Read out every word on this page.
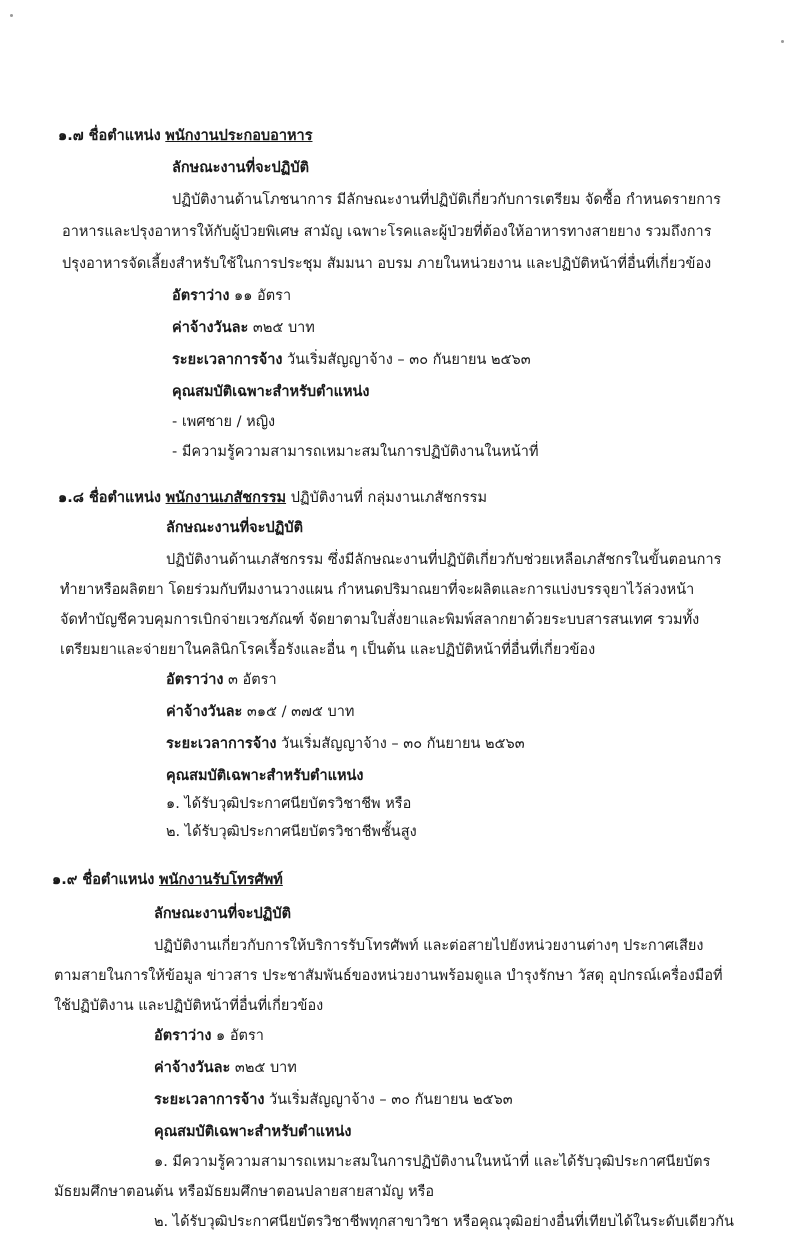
๑.๗ ชื่อตำแหน่ง พนักงานประกอบอาหาร
ลักษณะงานที่จะปฏิบัติ
ปฏิบัติงานด้านโภชนาการ มีลักษณะงานที่ปฏิบัติเกี่ยวกับการเตรียม จัดซื้อ กำหนดรายการ
อาหารและปรุงอาหารให้กับผู้ป่วยพิเศษ สามัญ เฉพาะโรคและผู้ป่วยที่ต้องให้อาหารทางสายยาง รวมถึงการ
ปรุงอาหารจัดเลี้ยงสำหรับใช้ในการประชุม สัมมนา อบรม ภายในหน่วยงาน และปฏิบัติหน้าที่อื่นที่เกี่ยวข้อง
อัตราว่าง ๑๑ อัตรา
ค่าจ้างวันละ ๓๒๕ บาท
ระยะเวลาการจ้าง วันเริ่มสัญญาจ้าง – ๓๐ กันยายน ๒๕๖๓
คุณสมบัติเฉพาะสำหรับตำแหน่ง
- เพศชาย / หญิง
- มีความรู้ความสามารถเหมาะสมในการปฏิบัติงานในหน้าที่
๑.๘ ชื่อตำแหน่ง พนักงานเภสัชกรรม ปฏิบัติงานที่ กลุ่มงานเภสัชกรรม
ลักษณะงานที่จะปฏิบัติ
ปฏิบัติงานด้านเภสัชกรรม ซึ่งมีลักษณะงานที่ปฏิบัติเกี่ยวกับช่วยเหลือเภสัชกรในขั้นตอนการ
ทำยาหรือผลิตยา โดยร่วมกับทีมงานวางแผน กำหนดปริมาณยาที่จะผลิตและการแบ่งบรรจุยาไว้ล่วงหน้า
จัดทำบัญชีควบคุมการเบิกจ่ายเวชภัณฑ์ จัดยาตามใบสั่งยาและพิมพ์สลากยาด้วยระบบสารสนเทศ รวมทั้ง
เตรียมยาและจ่ายยาในคลินิกโรคเรื้อรังและอื่น ๆ เป็นต้น และปฏิบัติหน้าที่อื่นที่เกี่ยวข้อง
อัตราว่าง ๓ อัตรา
ค่าจ้างวันละ ๓๑๕ / ๓๗๕ บาท
ระยะเวลาการจ้าง วันเริ่มสัญญาจ้าง – ๓๐ กันยายน ๒๕๖๓
คุณสมบัติเฉพาะสำหรับตำแหน่ง
๑. ได้รับวุฒิประกาศนียบัตรวิชาชีพ หรือ
๒. ได้รับวุฒิประกาศนียบัตรวิชาชีพชั้นสูง
๑.๙ ชื่อตำแหน่ง พนักงานรับโทรศัพท์
ลักษณะงานที่จะปฏิบัติ
ปฏิบัติงานเกี่ยวกับการให้บริการรับโทรศัพท์ และต่อสายไปยังหน่วยงานต่างๆ ประกาศเสียง
ตามสายในการให้ข้อมูล ข่าวสาร ประชาสัมพันธ์ของหน่วยงานพร้อมดูแล บำรุงรักษา วัสดุ อุปกรณ์เครื่องมือที่
ใช้ปฏิบัติงาน และปฏิบัติหน้าที่อื่นที่เกี่ยวข้อง
อัตราว่าง ๑ อัตรา
ค่าจ้างวันละ ๓๒๕ บาท
ระยะเวลาการจ้าง วันเริ่มสัญญาจ้าง – ๓๐ กันยายน ๒๕๖๓
คุณสมบัติเฉพาะสำหรับตำแหน่ง
๑. มีความรู้ความสามารถเหมาะสมในการปฏิบัติงานในหน้าที่ และได้รับวุฒิประกาศนียบัตร
มัธยมศึกษาตอนต้น หรือมัธยมศึกษาตอนปลายสายสามัญ หรือ
๒. ได้รับวุฒิประกาศนียบัตรวิชาชีพทุกสาขาวิชา หรือคุณวุฒิอย่างอื่นที่เทียบได้ในระดับเดียวกัน
